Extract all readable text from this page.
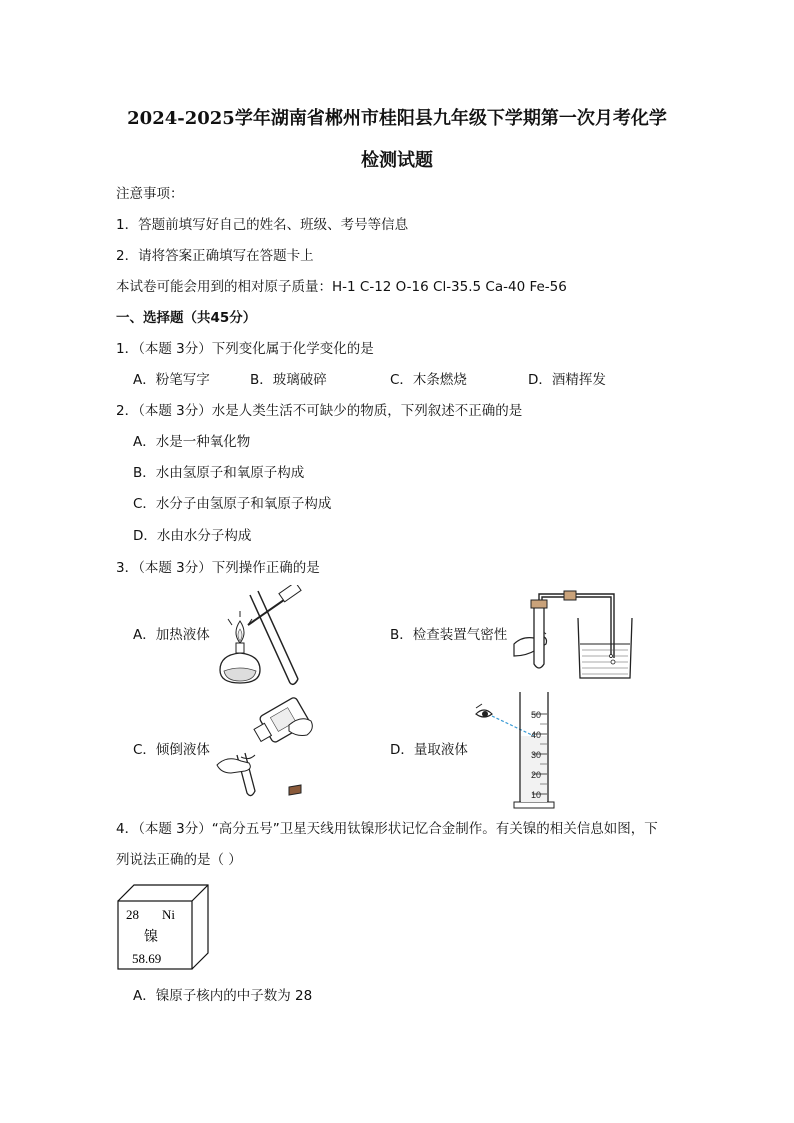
2024-2025学年湖南省郴州市桂阳县九年级下学期第一次月考化学
检测试题
注意事项：
1．答题前填写好自己的姓名、班级、考号等信息
2．请将答案正确填写在答题卡上
本试卷可能会用到的相对原子质量：H-1 C-12 O-16 Cl-35.5 Ca-40 Fe-56
一、选择题（共45分）
1．（本题 3分）下列变化属于化学变化的是
A．粉笔写字	B．玻璃破碎	C．木条燃烧	D．酒精挥发
2．（本题 3分）水是人类生活不可缺少的物质，下列叙述不正确的是
A．水是一种氧化物
B．水由氢原子和氧原子构成
C．水分子由氢原子和氧原子构成
D．水由水分子构成
3．（本题 3分）下列操作正确的是
A．加热液体	B．检查装置气密性
C．倾倒液体	D．量取液体
50
40
30
20
10
4．（本题 3分）“高分五号”卫星天线用钛镍形状记忆合金制作。有关镍的相关信息如图，下
列说法正确的是（ ）
28 Ni
镍
58.69
A．镍原子核内的中子数为 28
